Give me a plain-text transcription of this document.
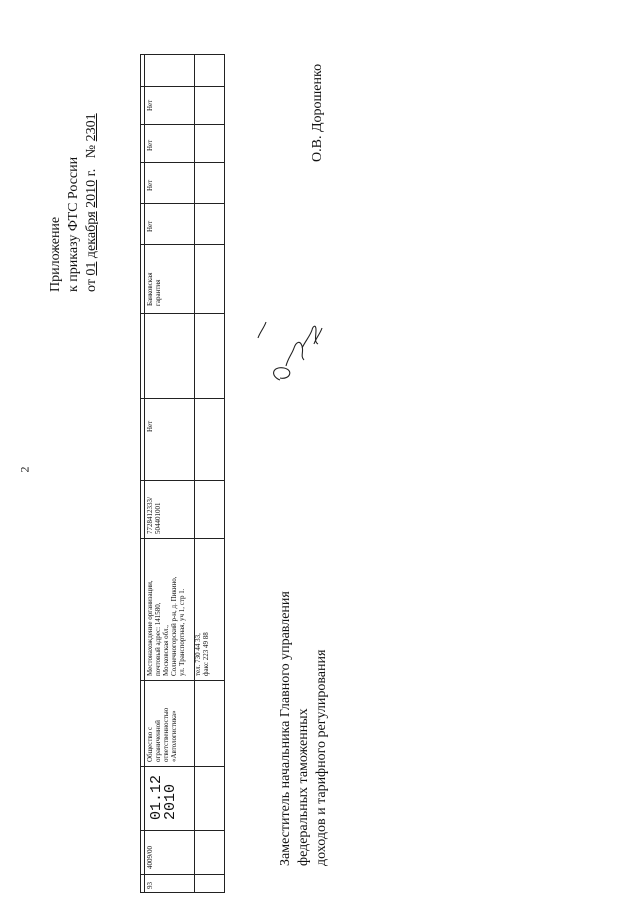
2
Приложение к приказу ФТС России от 01 декабря 2010 г.   № 2301
93
4009/00
01.12
2010
Общество с ограниченной ответственностью «Автологистика»
Местонахождение организации, почтовый адрес: 141580, Московская обл., Солнечногорский р-н, д. Пикино, ул. Транспортная, уч 1, стр 1.
тел. 730 44 33, факс 223 49 88
7728412333/ 504401001
Нет
Банковская гарантия
Нет
Нет
Нет
Нет
Заместитель начальника Главного управления федеральных таможенных доходов и тарифного регулирования
О.В. Дорошенко
